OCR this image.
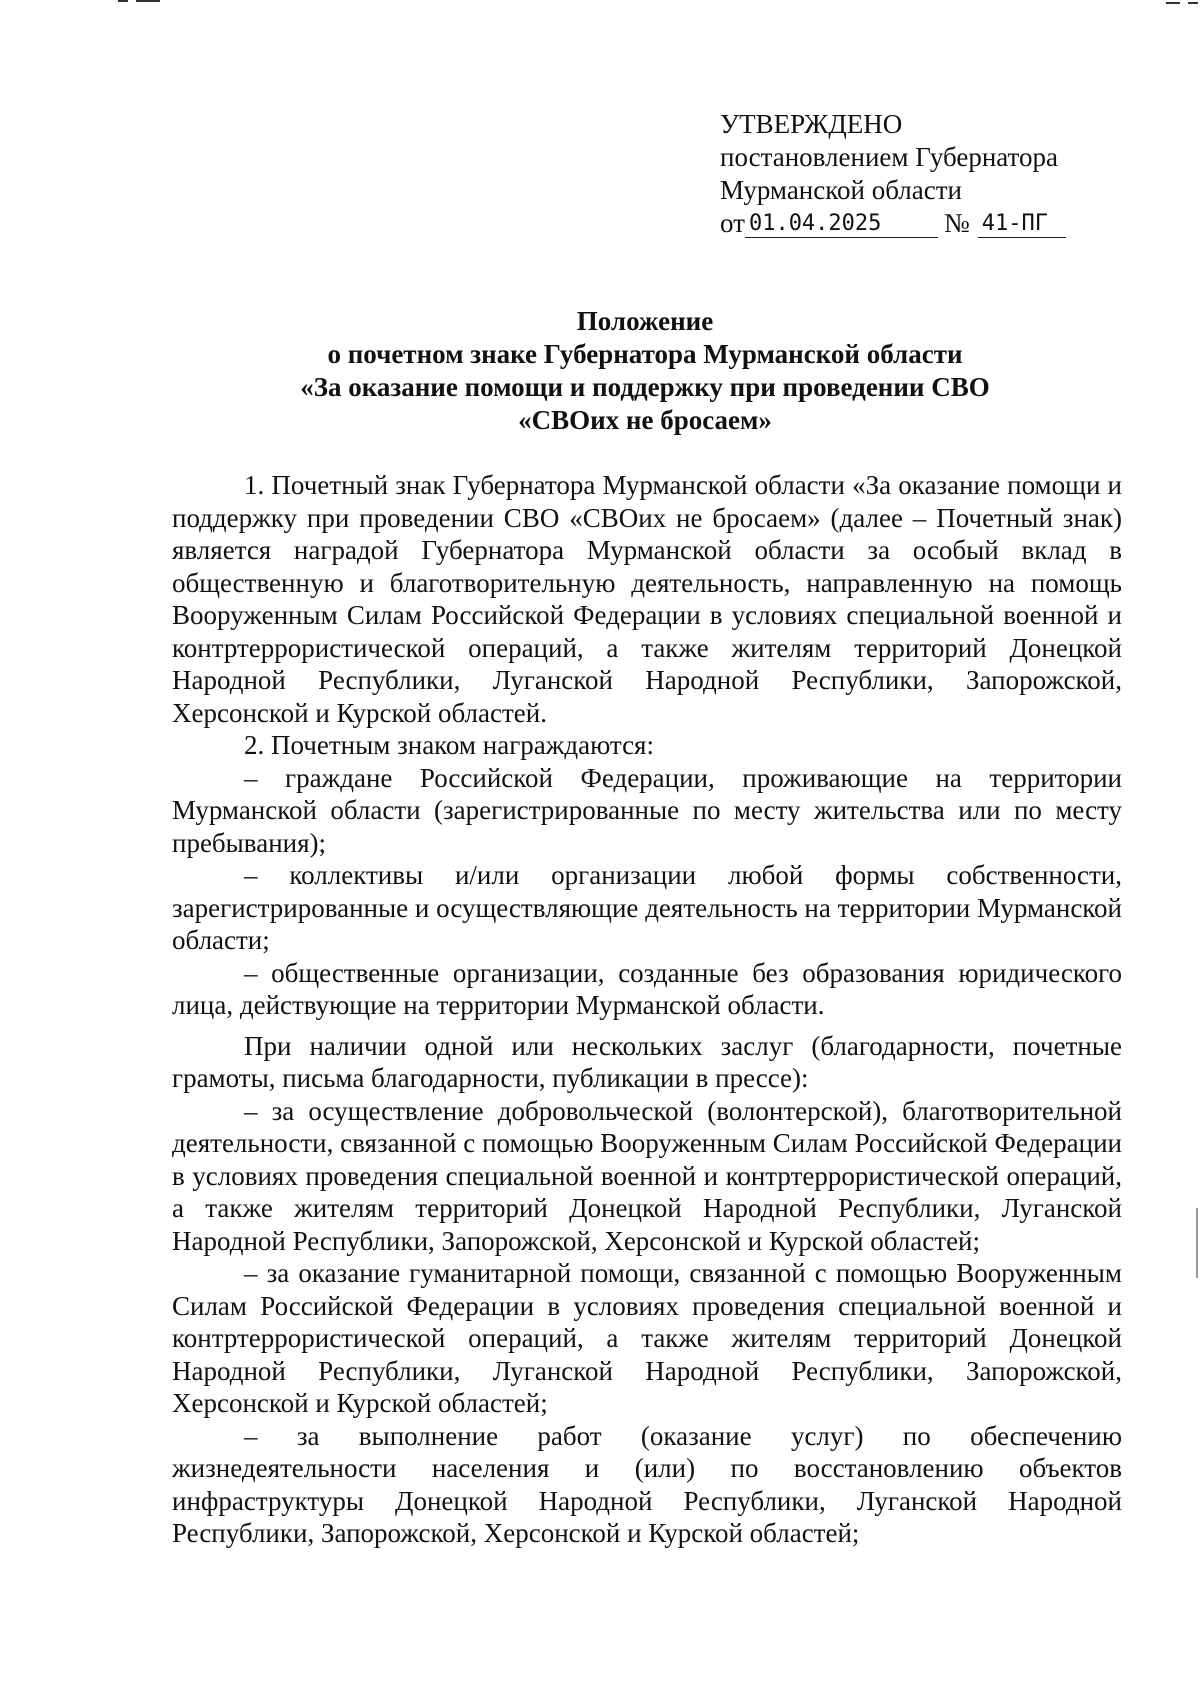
УТВЕРЖДЕНО
постановлением Губернатора
Мурманской области
от 01.04.2025	№ 41-ПГ
Положение
о почетном знаке Губернатора Мурманской области
«За оказание помощи и поддержку при проведении СВО
«СВОих не бросаем»

1. Почетный знак Губернатора Мурманской области «За оказание помощи и поддержку при проведении СВО «СВОих не бросаем» (далее – Почетный знак) является наградой Губернатора Мурманской области за особый вклад в общественную и благотворительную деятельность, направленную на помощь Вооруженным Силам Российской Федерации в условиях специальной военной и контртеррористической операций, а также жителям территорий Донецкой Народной Республики, Луганской Народной Республики, Запорожской, Херсонской и Курской областей.

2. Почетным знаком награждаются:

– граждане Российской Федерации, проживающие на территории Мурманской области (зарегистрированные по месту жительства или по месту пребывания);

– коллективы и/или организации любой формы собственности, зарегистрированные и осуществляющие деятельность на территории Мурманской области;

– общественные организации, созданные без образования юридического лица, действующие на территории Мурманской области.

При наличии одной или нескольких заслуг (благодарности, почетные грамоты, письма благодарности, публикации в прессе):

– за осуществление добровольческой (волонтерской), благотворительной деятельности, связанной с помощью Вооруженным Силам Российской Федерации в условиях проведения специальной военной и контртеррористической операций, а также жителям территорий Донецкой Народной Республики, Луганской Народной Республики, Запорожской, Херсонской и Курской областей;

– за оказание гуманитарной помощи, связанной с помощью Вооруженным Силам Российской Федерации в условиях проведения специальной военной и контртеррористической операций, а также жителям территорий Донецкой Народной Республики, Луганской Народной Республики, Запорожской, Херсонской и Курской областей;

– за выполнение работ (оказание услуг) по обеспечению жизнедеятельности населения и (или) по восстановлению объектов инфраструктуры Донецкой Народной Республики, Луганской Народной Республики, Запорожской, Херсонской и Курской областей;
